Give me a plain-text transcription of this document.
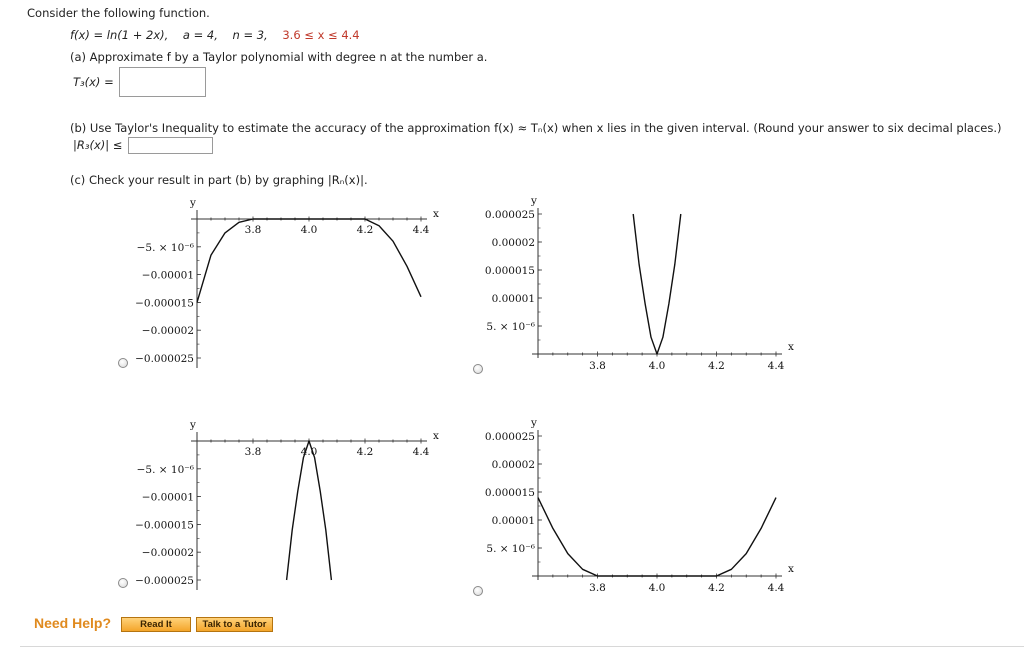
Consider the following function.
f(x) = ln(1 + 2x), a = 4, n = 3, 3.6 ≤ x ≤ 4.4
(a) Approximate f by a Taylor polynomial with degree n at the number a.
T₃(x) =
(b) Use Taylor's Inequality to estimate the accuracy of the approximation f(x) ≈ Tₙ(x) when x lies in the given interval. (Round your answer to six decimal places.)
|R₃(x)| ≤
(c) Check your result in part (b) by graphing |Rₙ(x)|.
3.8	4.0	4.2	4.4
x
y
−5. × 10⁻⁶
−0.00001
−0.000015
−0.00002
−0.000025
3.8	4.0	4.2	4.4
x
y
0.000025
0.00002
0.000015
0.00001
5. × 10⁻⁶
3.8	4.0	4.2	4.4
x
y
−5. × 10⁻⁶
−0.00001
−0.000015
−0.00002
−0.000025
3.8	4.0	4.2	4.4
x
y
0.000025
0.00002
0.000015
0.00001
5. × 10⁻⁶
Need Help?	Read It	Talk to a Tutor
